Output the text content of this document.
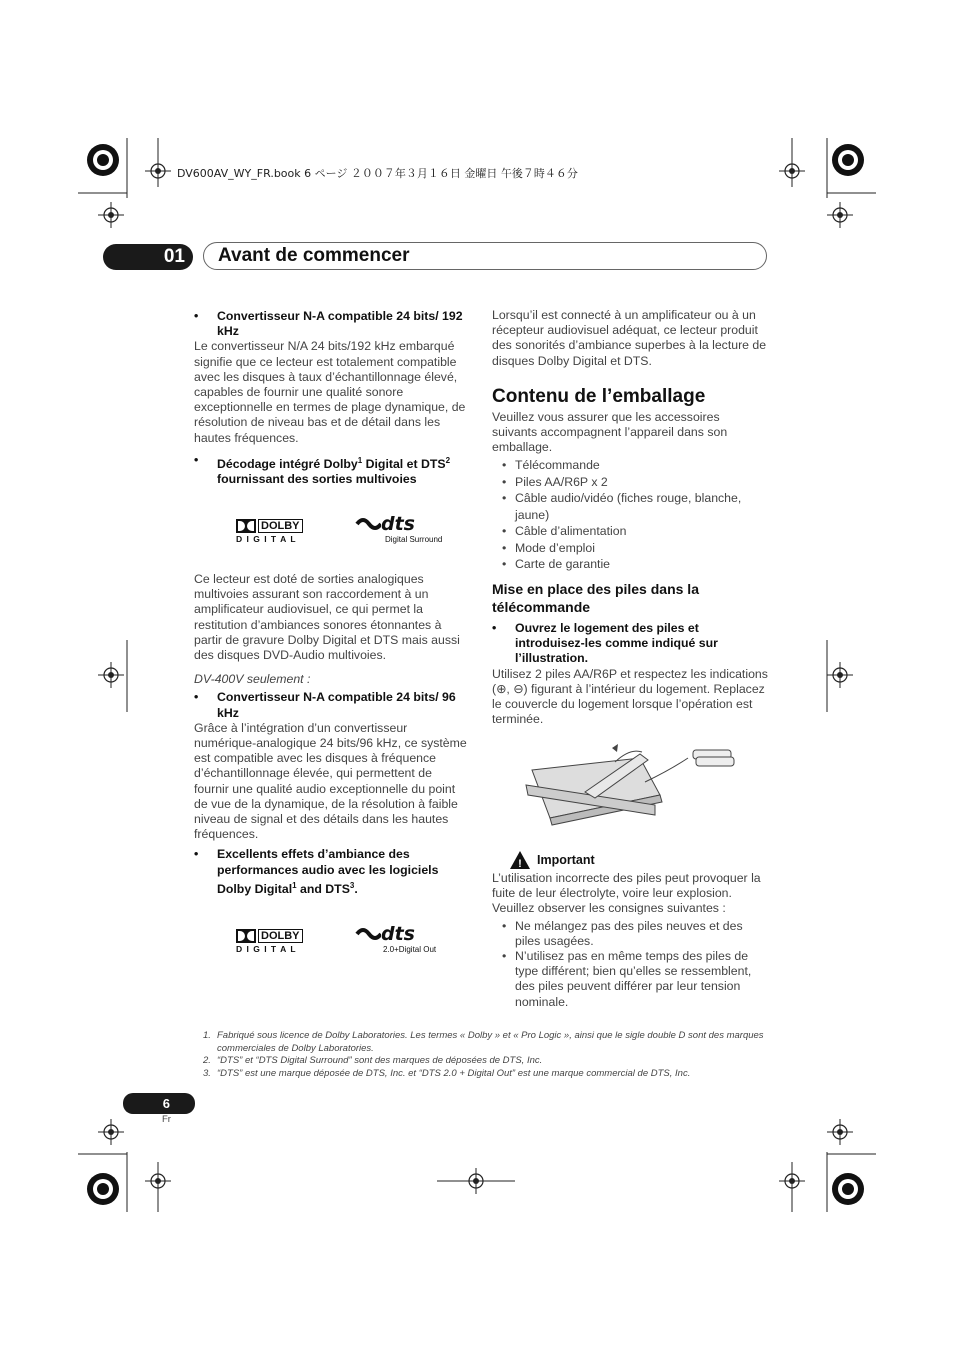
DV600AV_WY_FR.book 6 ページ ２００７年３月１６日 金曜日 午後７時４６分
01	Avant de commencer

• Convertisseur N-A compatible 24 bits/ 192 kHz

Le convertisseur N/A 24 bits/192 kHz embarqué signifie que ce lecteur est totalement compatible avec les disques à taux d’échantillonnage élevé, capables de fournir une qualité sonore exceptionnelle en termes de plage dynamique, de résolution de niveau bas et de détail dans les hautes fréquences.

• Décodage intégré Dolby$^1$ Digital et DTS$^2$ fournissant des sorties multivoies

DOLBY
D I G I T A L
dts
Digital Surround

Ce lecteur est doté de sorties analogiques multivoies assurant son raccordement à un amplificateur audiovisuel, ce qui permet la restitution d’ambiances sonores étonnantes à partir de gravure Dolby Digital et DTS mais aussi des disques DVD-Audio multivoies.

DV-400V seulement :

• Convertisseur N-A compatible 24 bits/ 96 kHz

Grâce à l’intégration d’un convertisseur numérique-analogique 24 bits/96 kHz, ce système est compatible avec les disques à fréquence d’échantillonnage élevée, qui permettent de fournir une qualité audio exceptionnelle du point de vue de la dynamique, de la résolution à faible niveau de signal et des détails dans les hautes fréquences.

• Excellents effets d’ambiance des performances audio avec les logiciels Dolby Digital$^1$ and DTS$^3$.

DOLBY
D I G I T A L
dts
2.0+Digital Out

Lorsqu’il est connecté à un amplificateur ou à un récepteur audiovisuel adéquat, ce lecteur produit des sonorités d’ambiance superbes à la lecture de disques Dolby Digital et DTS.

Contenu de l’emballage

Veuillez vous assurer que les accessoires suivants accompagnent l’appareil dans son emballage.

• Télécommande
• Piles AA/R6P x 2
• Câble audio/vidéo (fiches rouge, blanche, jaune)
• Câble d’alimentation
• Mode d’emploi
• Carte de garantie

Mise en place des piles dans la télécommande

• Ouvrez le logement des piles et introduisez-les comme indiqué sur l’illustration.

Utilisez 2 piles AA/R6P et respectez les indications (⊕, ⊖) figurant à l’intérieur du logement. Replacez le couvercle du logement lorsque l’opération est terminée.

! Important

L’utilisation incorrecte des piles peut provoquer la fuite de leur électrolyte, voire leur explosion. Veuillez observer les consignes suivantes :

• Ne mélangez pas des piles neuves et des piles usagées.
• N’utilisez pas en même temps des piles de type différent; bien qu’elles se ressemblent, des piles peuvent différer par leur tension nominale.
1. Fabriqué sous licence de Dolby Laboratories. Les termes « Dolby » et « Pro Logic », ainsi que le sigle double D sont des marques commerciales de Dolby Laboratories.
2. “DTS” et “DTS Digital Surround” sont des marques de déposées de DTS, Inc.
3. “DTS” est une marque déposée de DTS, Inc. et “DTS 2.0 + Digital Out” est une marque commercial de DTS, Inc.
6
Fr
